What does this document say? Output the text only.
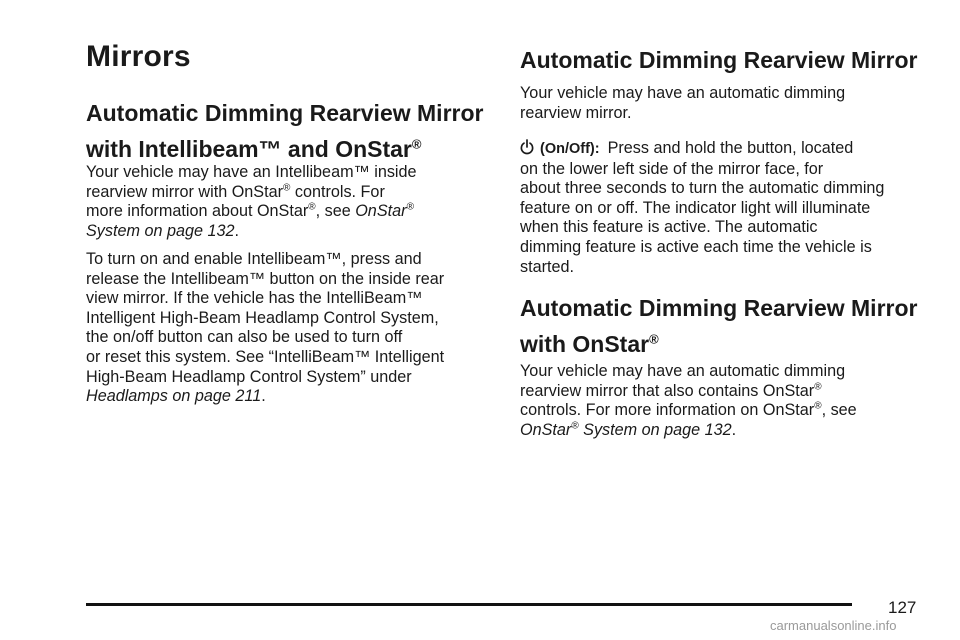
Mirrors
Automatic Dimming Rearview Mirror
with Intellibeam™ and OnStar®

Your vehicle may have an Intellibeam™ inside
rearview mirror with OnStar® controls. For
more information about OnStar®, see OnStar®
System on page 132.

To turn on and enable Intellibeam™, press and
release the Intellibeam™ button on the inside rear
view mirror. If the vehicle has the IntelliBeam™
Intelligent High-Beam Headlamp Control System,
the on/off button can also be used to turn off
or reset this system. See “IntelliBeam™ Intelligent
High-Beam Headlamp Control System” under
Headlamps on page 211.

Automatic Dimming Rearview Mirror

Your vehicle may have an automatic dimming
rearview mirror.

(On/Off): Press and hold the button, located
on the lower left side of the mirror face, for
about three seconds to turn the automatic dimming
feature on or off. The indicator light will illuminate
when this feature is active. The automatic
dimming feature is active each time the vehicle is
started.

Automatic Dimming Rearview Mirror
with OnStar®

Your vehicle may have an automatic dimming
rearview mirror that also contains OnStar®
controls. For more information on OnStar®, see
OnStar® System on page 132.

127
carmanualsonline.info
